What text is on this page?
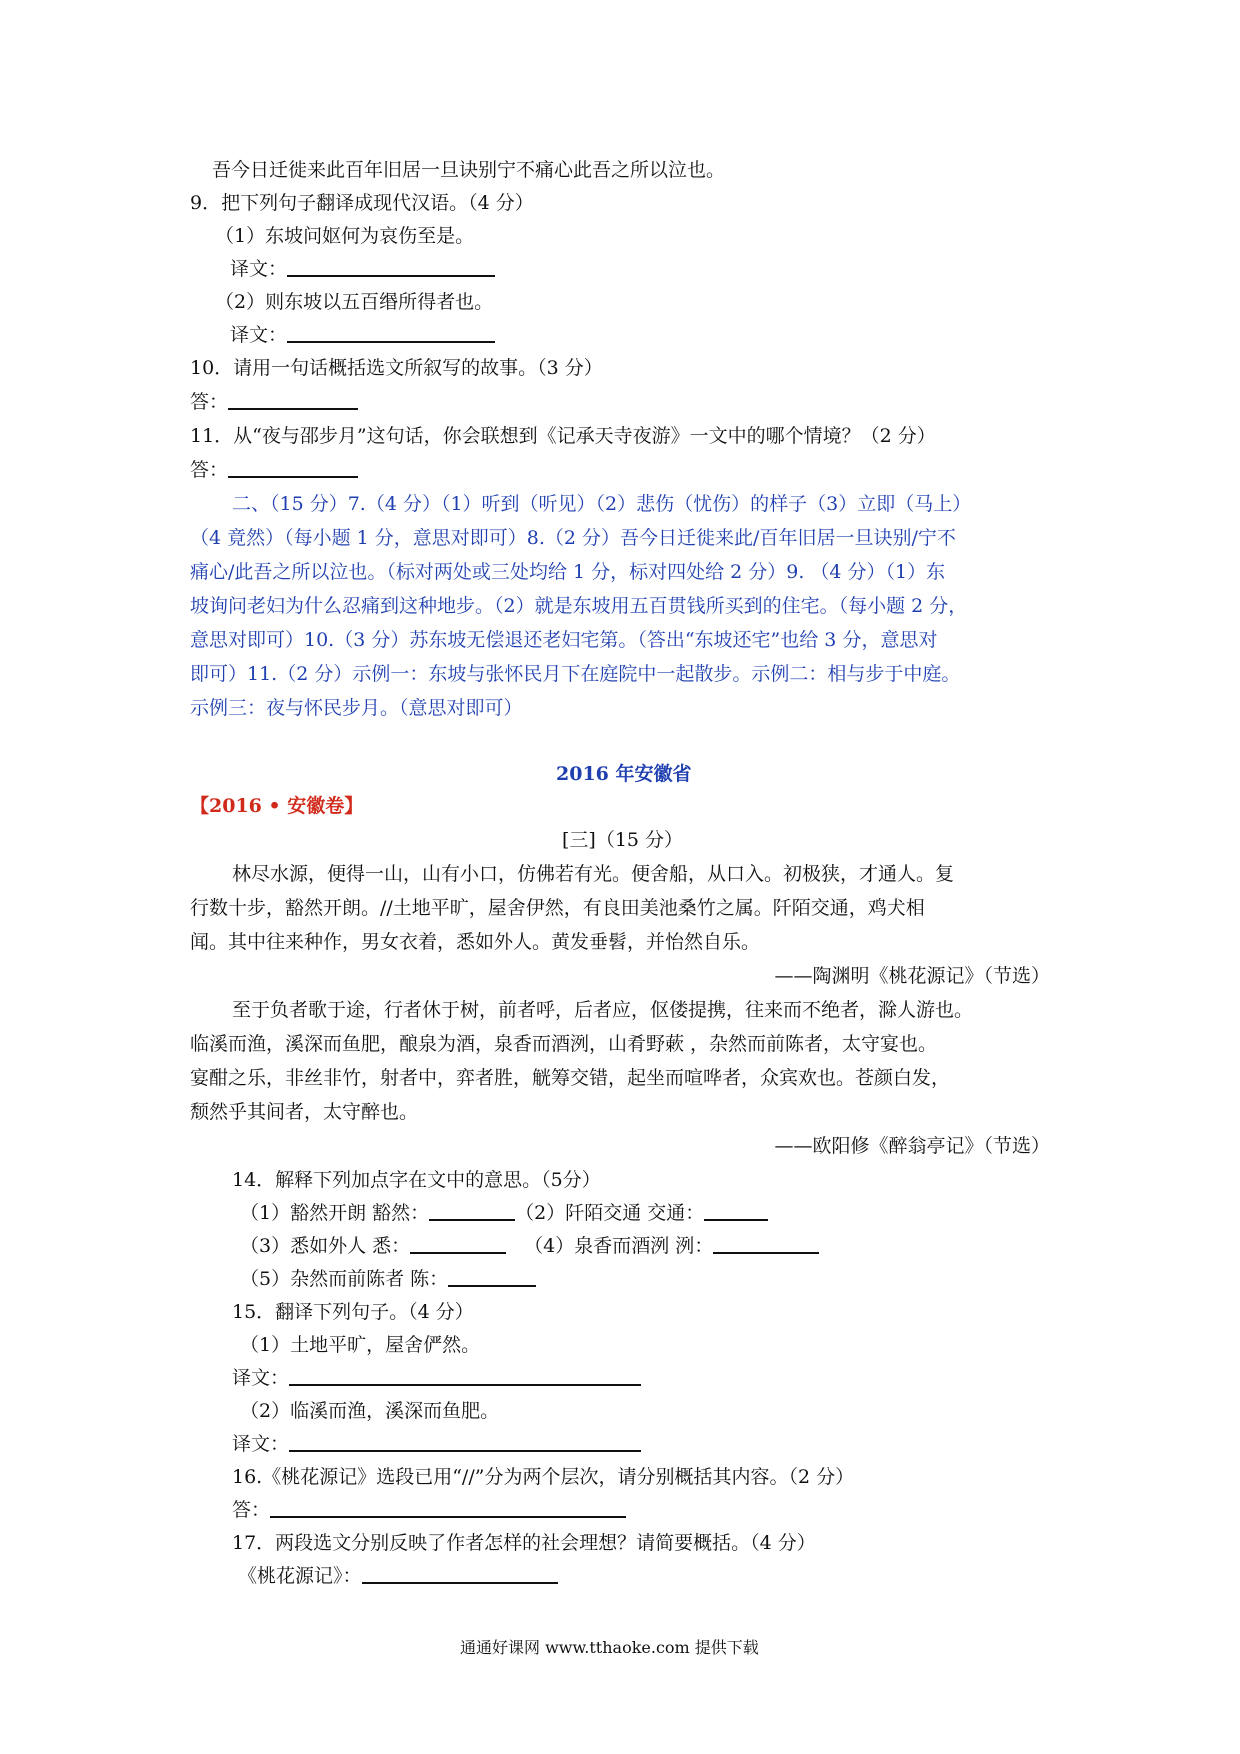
吾今日迁徙来此百年旧居一旦诀别宁不痛心此吾之所以泣也。
9．把下列句子翻译成现代汉语。（4 分）
（1）东坡问妪何为哀伤至是。
译文：
（2）则东坡以五百缗所得者也。
译文：
10．请用一句话概括选文所叙写的故事。（3 分）
答：
11．从“夜与邵步月”这句话，你会联想到《记承天寺夜游》一文中的哪个情境？（2 分）
答：
二、（15 分）7.（4 分）（1）听到（听见）（2）悲伤（忧伤）的样子（3）立即（马上）
（4 竟然）（每小题 1 分，意思对即可）8.（2 分）吾今日迁徙来此/百年旧居一旦诀别/宁不
痛心/此吾之所以泣也。（标对两处或三处均给 1 分，标对四处给 2 分）9. （4 分）（1）东
坡询问老妇为什么忍痛到这种地步。（2）就是东坡用五百贯钱所买到的住宅。（每小题 2 分，
意思对即可）10.（3 分）苏东坡无偿退还老妇宅第。（答出“东坡还宅”也给 3 分，意思对
即可）11.（2 分）示例一：东坡与张怀民月下在庭院中一起散步。示例二：相与步于中庭。
示例三：夜与怀民步月。（意思对即可）
2016 年安徽省
【2016 • 安徽卷】
[三]（15 分）
林尽水源，便得一山，山有小口，仿佛若有光。便舍船，从口入。初极狭，才通人。复
行数十步，豁然开朗。//土地平旷，屋舍伊然，有良田美池桑竹之属。阡陌交通，鸡犬相
闻。其中往来种作，男女衣着，悉如外人。黄发垂髫，并怡然自乐。
——陶渊明《桃花源记》（节选）
至于负者歌于途，行者休于树，前者呼，后者应，伛偻提携，往来而不绝者，滁人游也。
临溪而渔，溪深而鱼肥，酿泉为酒，泉香而酒洌，山肴野蔌 ，杂然而前陈者，太守宴也。
宴酣之乐，非丝非竹，射者中，弈者胜，觥筹交错，起坐而喧哗者，众宾欢也。苍颜白发，
颓然乎其间者，太守醉也。
——欧阳修《醉翁亭记》（节选）
14．解释下列加点字在文中的意思。（5分）
（1）豁然开朗 豁然：	（2）阡陌交通 交通：
（3）悉如外人 悉：	（4）泉香而酒洌 洌：
（5）杂然而前陈者 陈：
15．翻译下列句子。（4 分）
（1）土地平旷，屋舍俨然。
译文：
（2）临溪而渔，溪深而鱼肥。
译文：
16.《桃花源记》选段已用“//”分为两个层次，请分别概括其内容。（2 分）
答：
17．两段选文分别反映了作者怎样的社会理想？请简要概括。（4 分）
《桃花源记》：
通通好课网 www.tthaoke.com 提供下载
